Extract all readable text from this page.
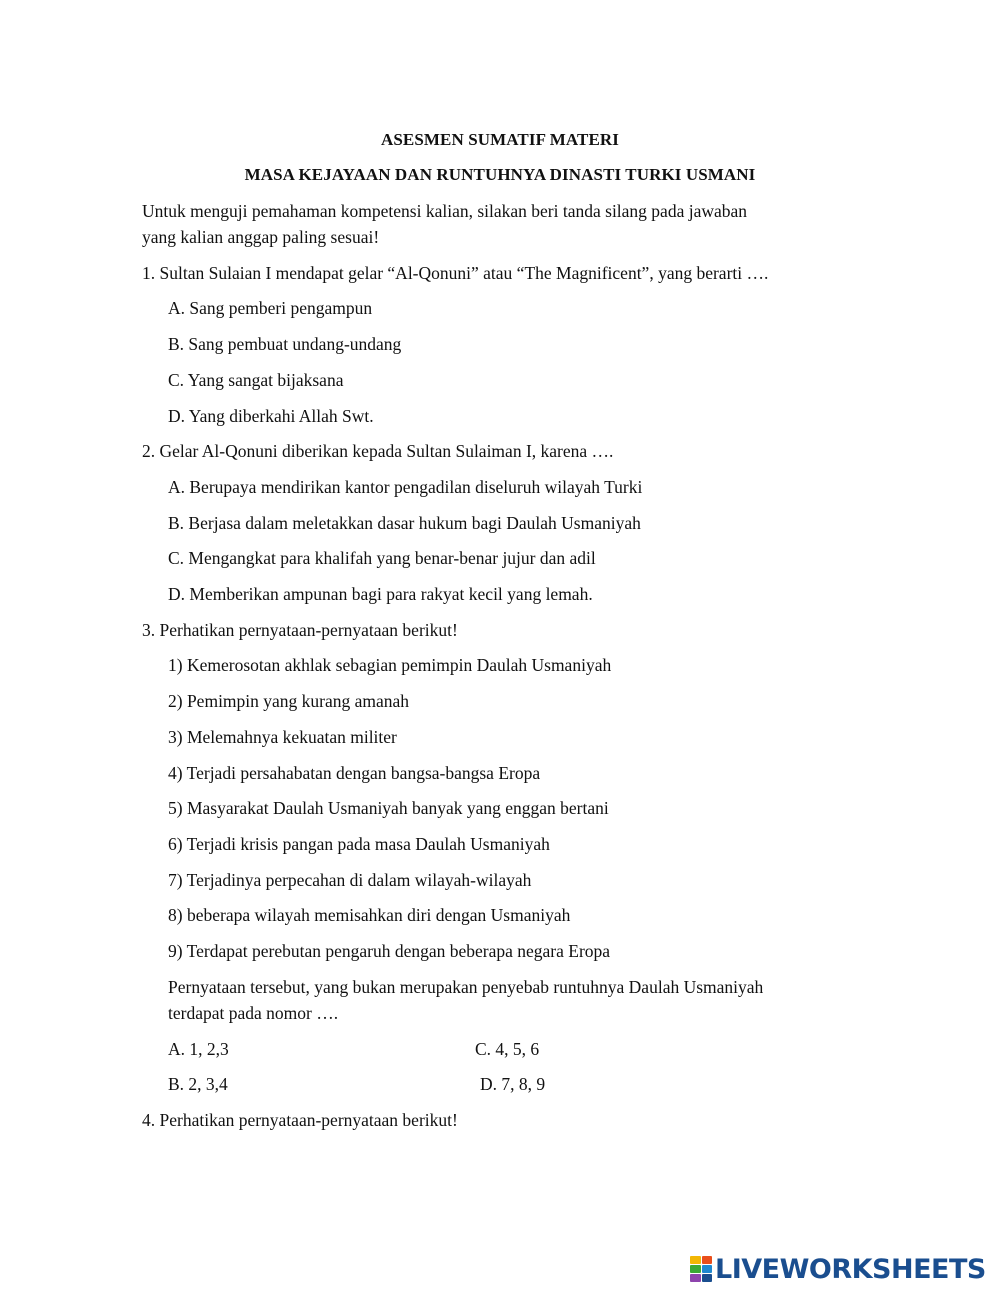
ASESMEN SUMATIF MATERI
MASA KEJAYAAN DAN RUNTUHNYA DINASTI TURKI USMANI
Untuk menguji pemahaman kompetensi kalian, silakan beri tanda silang pada jawaban
yang kalian anggap paling sesuai!
1. Sultan Sulaian I mendapat gelar “Al-Qonuni” atau “The Magnificent”, yang berarti ….
A. Sang pemberi pengampun
B. Sang pembuat undang-undang
C. Yang sangat bijaksana
D. Yang diberkahi Allah Swt.
2. Gelar Al-Qonuni diberikan kepada Sultan Sulaiman I, karena ….
A. Berupaya mendirikan kantor pengadilan diseluruh wilayah Turki
B. Berjasa dalam meletakkan dasar hukum bagi Daulah Usmaniyah
C. Mengangkat para khalifah yang benar-benar jujur dan adil
D. Memberikan ampunan bagi para rakyat kecil yang lemah.
3. Perhatikan pernyataan-pernyataan berikut!
1) Kemerosotan akhlak sebagian pemimpin Daulah Usmaniyah
2) Pemimpin yang kurang amanah
3) Melemahnya kekuatan militer
4) Terjadi persahabatan dengan bangsa-bangsa Eropa
5) Masyarakat Daulah Usmaniyah banyak yang enggan bertani
6) Terjadi krisis pangan pada masa Daulah Usmaniyah
7) Terjadinya perpecahan di dalam wilayah-wilayah
8) beberapa wilayah memisahkan diri dengan Usmaniyah
9) Terdapat perebutan pengaruh dengan beberapa negara Eropa
Pernyataan tersebut, yang bukan merupakan penyebab runtuhnya Daulah Usmaniyah
terdapat pada nomor ….
A. 1, 2,3	C. 4, 5, 6
B. 2, 3,4	D. 7, 8, 9
4. Perhatikan pernyataan-pernyataan berikut!
LIVEWORKSHEETS
